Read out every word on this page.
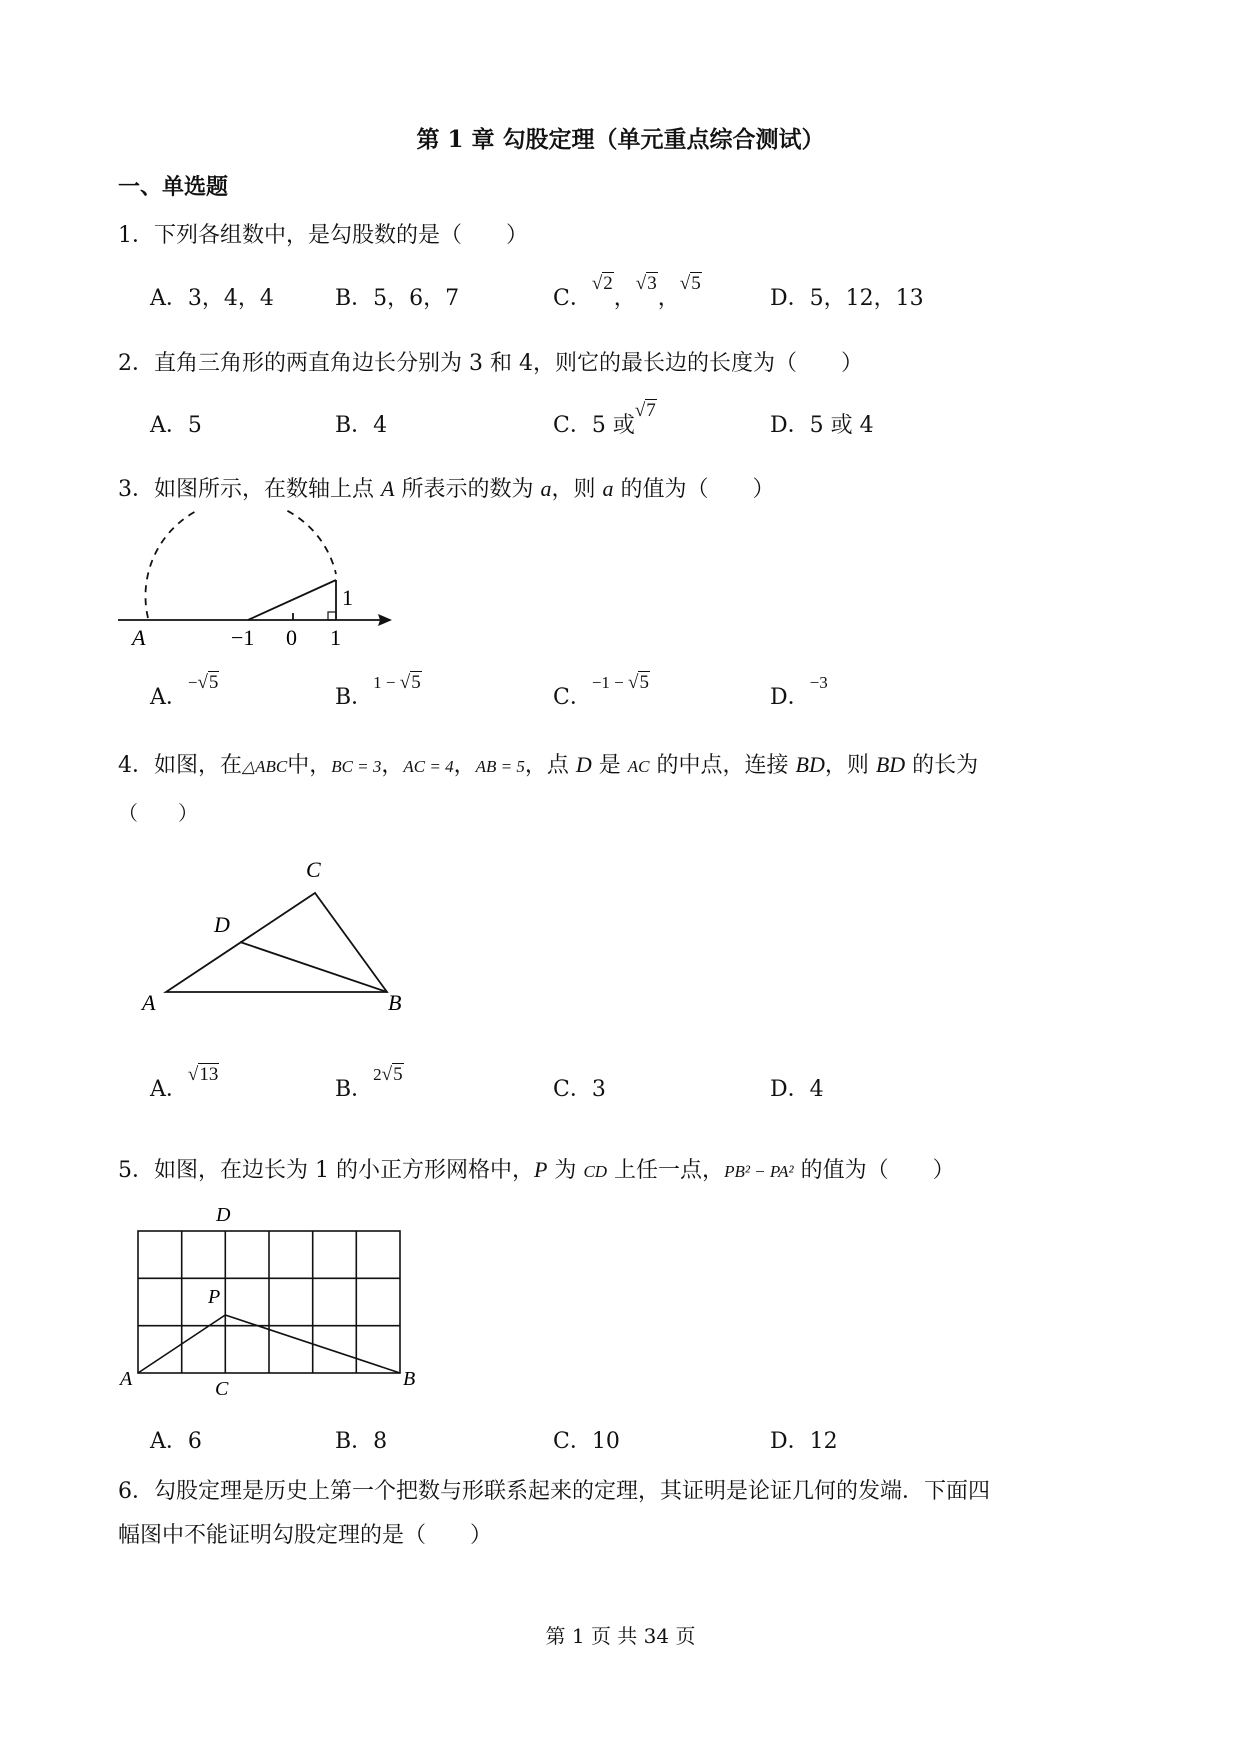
第 1 章 勾股定理（单元重点综合测试）
一、单选题
1．下列各组数中，是勾股数的是（　　）
A．3，4，4	B．5，6，7	C．√2，√3，√5
D．5，12，13
2．直角三角形的两直角边长分别为 3 和 4，则它的最长边的长度为（　　）
A．5	B．4	C．5 或√7
D．5 或 4
3．如图所示，在数轴上点 A 所表示的数为 a，则 a 的值为（　　）
A	−1 0 1
1
A．$^{-√5}$
B．$^{1 - √5}$
C．$^{-1 - √5}$
D．$^{-3}$
4．如图，在△ABC中，BC = 3，AC = 4，AB = 5，点 D 是 AC 的中点，连接 BD，则 BD 的长为
（　　）
A	B
C
D
A．√13
B．$^{2√5}$
C．3	D．4
5．如图，在边长为 1 的小正方形网格中，P 为 CD 上任一点，PB² − PA² 的值为（　　）
A	B
C
D
P
A．6	B．8	C．10	D．12
6．勾股定理是历史上第一个把数与形联系起来的定理，其证明是论证几何的发端．下面四
幅图中不能证明勾股定理的是（　　）
第 1 页 共 34 页
